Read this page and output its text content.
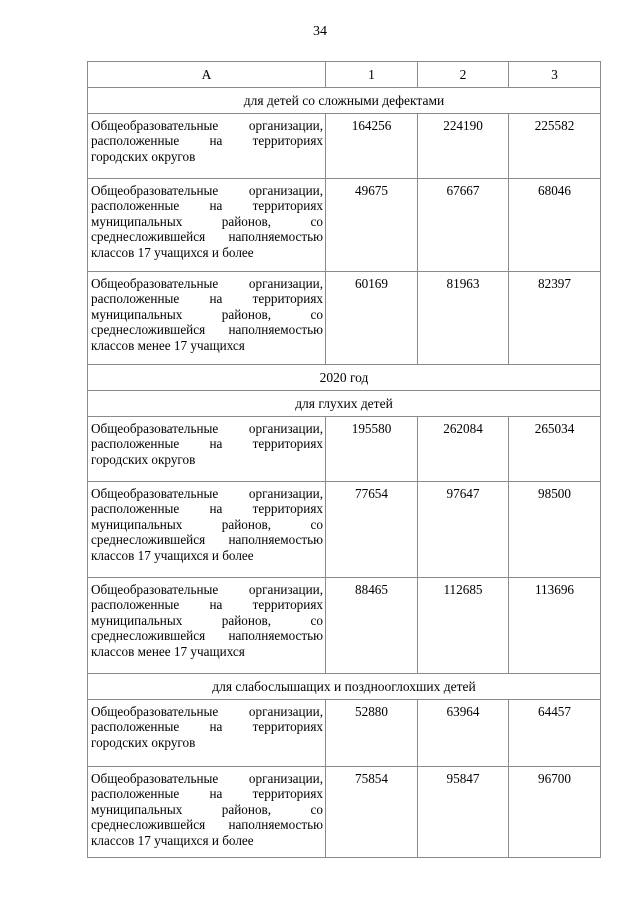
34
А	1	2	3
для детей со сложными дефектами			
Общеобразовательные организации, расположенные на территориях городских округов	164256	224190	225582
Общеобразовательные организации, расположенные на территориях муниципальных районов, со среднесложившейся наполняемостью классов 17 учащихся и более	49675	67667	68046
Общеобразовательные организации, расположенные на территориях муниципальных районов, со среднесложившейся наполняемостью классов менее 17 учащихся	60169	81963	82397
2020 год			
для глухих детей			
Общеобразовательные организации, расположенные на территориях городских округов	195580	262084	265034
Общеобразовательные организации, расположенные на территориях муниципальных районов, со среднесложившейся наполняемостью классов 17 учащихся и более	77654	97647	98500
Общеобразовательные организации, расположенные на территориях муниципальных районов, со среднесложившейся наполняемостью классов менее 17 учащихся	88465	112685	113696
для слабослышащих и позднооглохших детей			
Общеобразовательные организации, расположенные на территориях городских округов	52880	63964	64457
Общеобразовательные организации, расположенные на территориях муниципальных районов, со среднесложившейся наполняемостью классов 17 учащихся и более	75854	95847	96700
